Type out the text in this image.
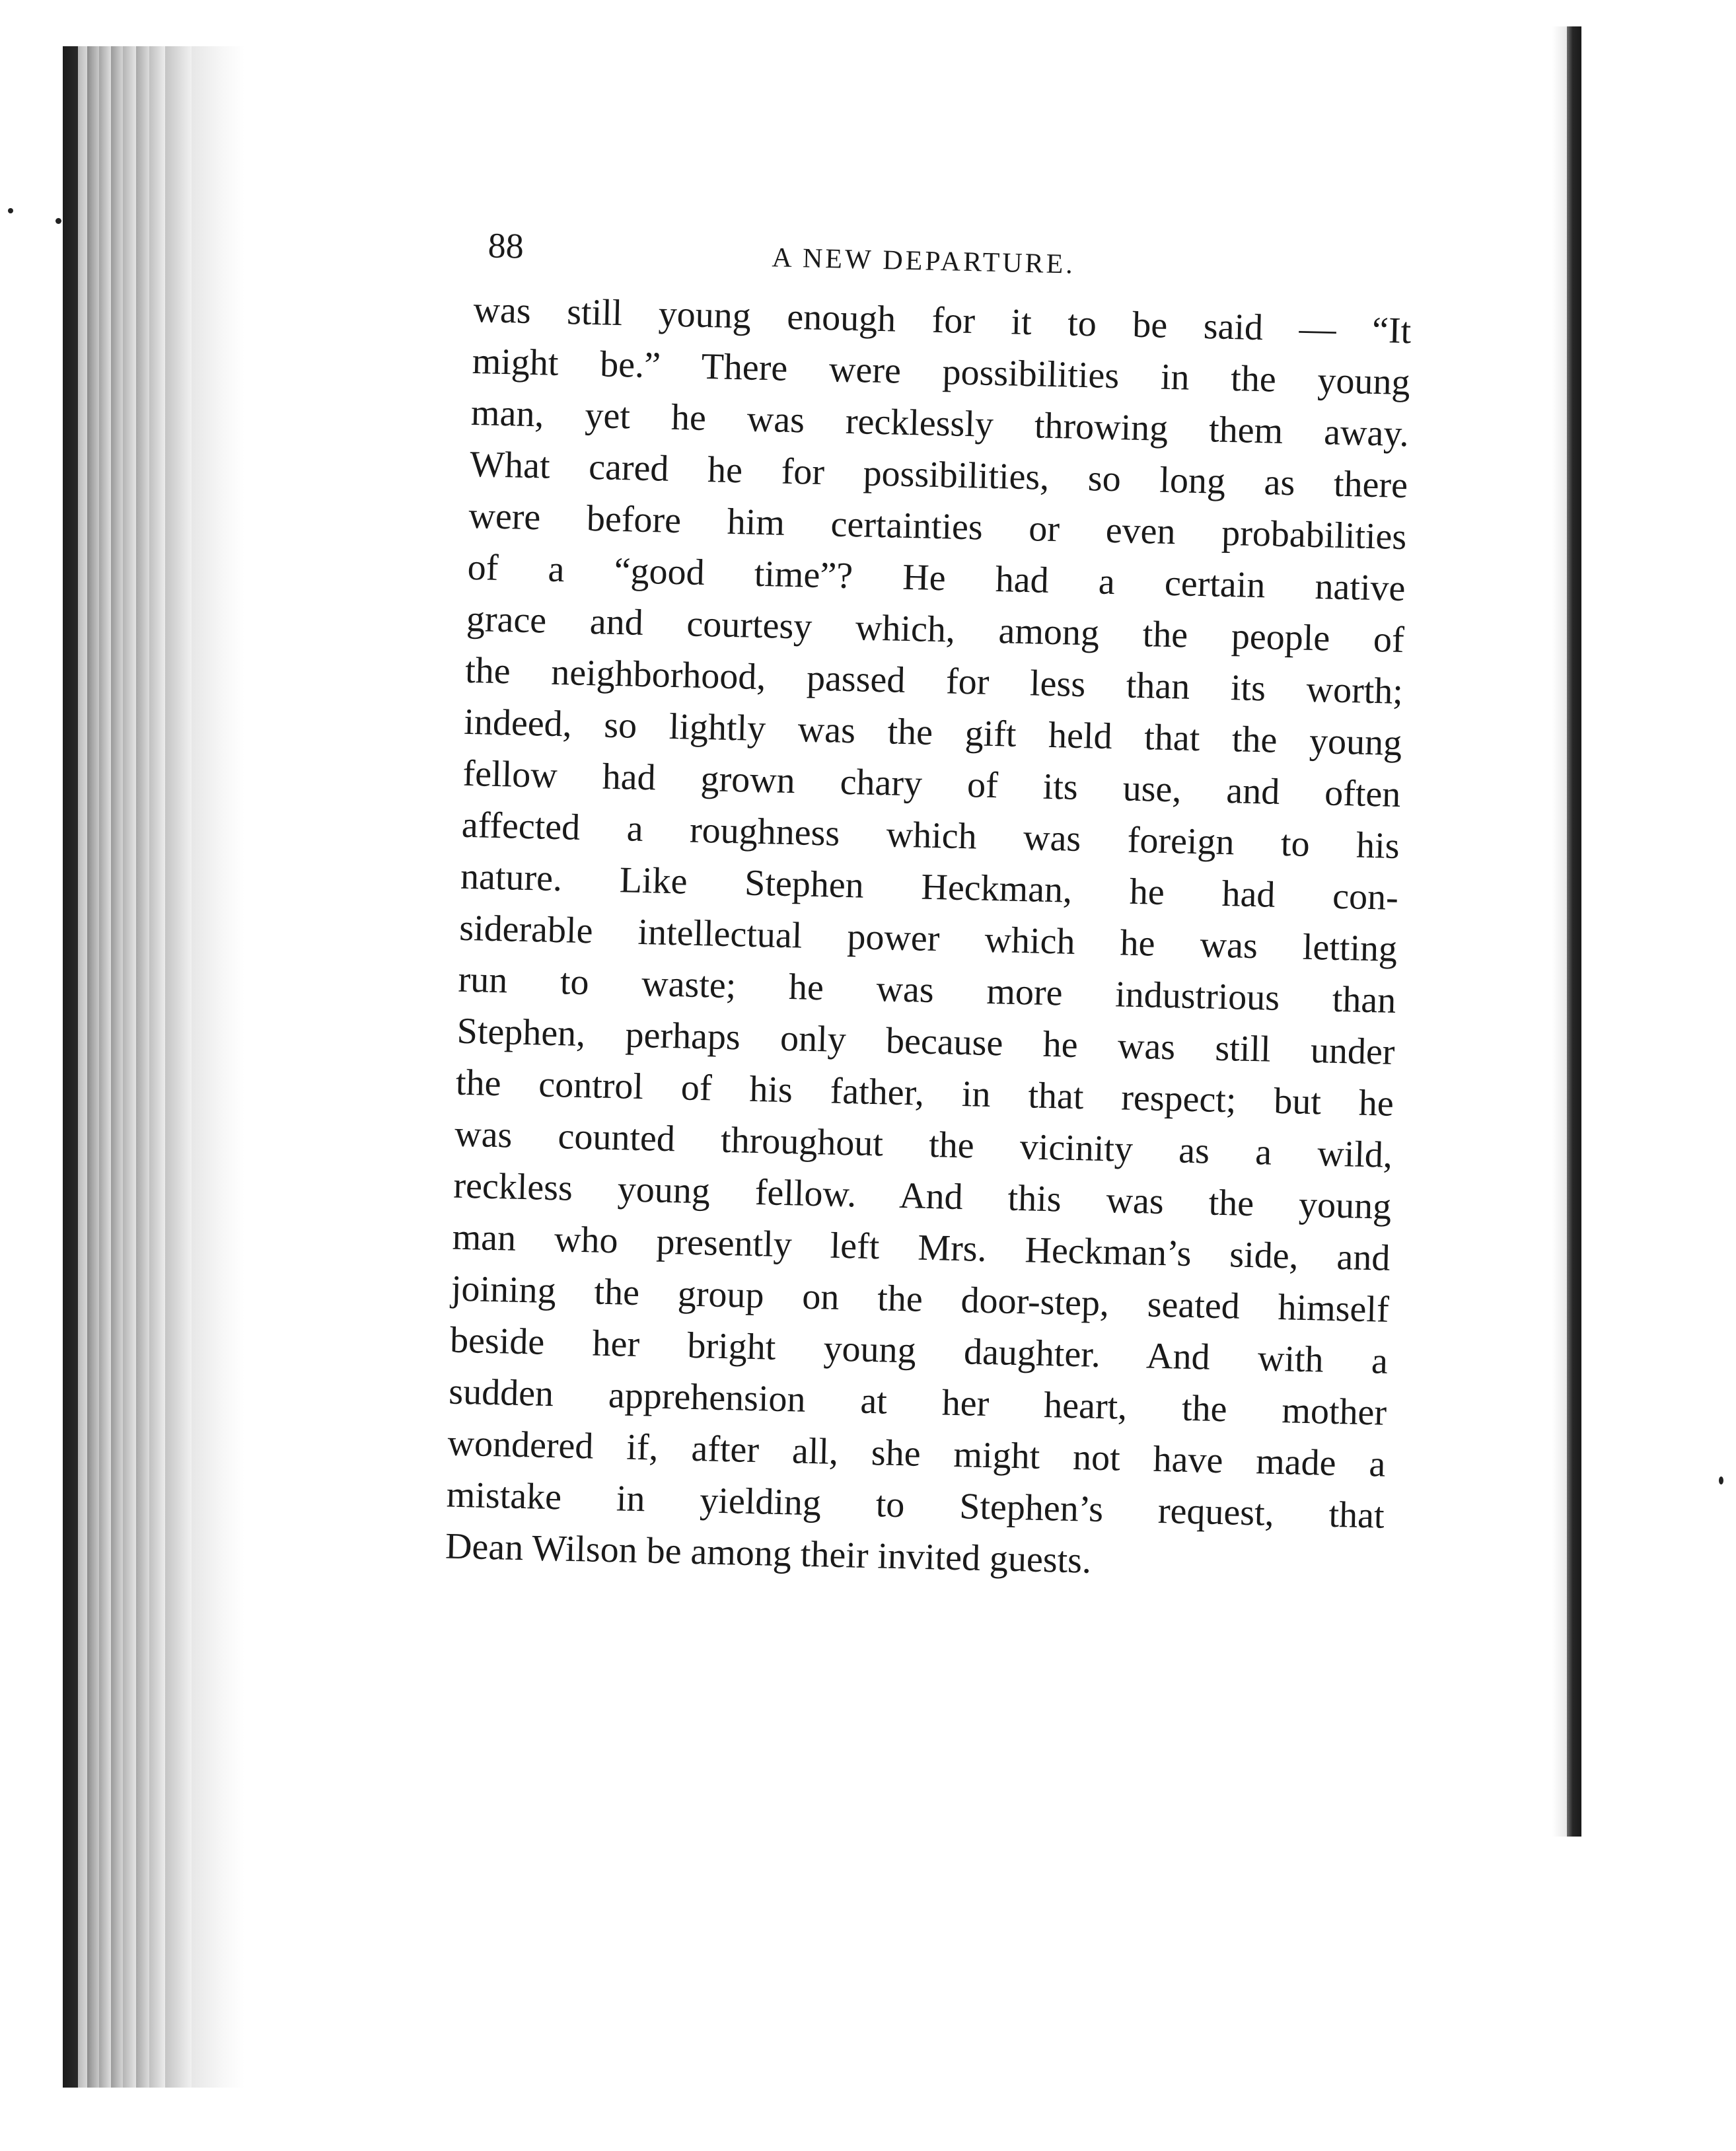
88	A NEW DEPARTURE.
was still young enough for it to be said — “It
might be.” There were possibilities in the young
man, yet he was recklessly throwing them away.
What cared he for possibilities, so long as there
were before him certainties or even probabilities
of a “good time”? He had a certain native
grace and courtesy which, among the people of
the neighborhood, passed for less than its worth;
indeed, so lightly was the gift held that the young
fellow had grown chary of its use, and often
affected a roughness which was foreign to his
nature. Like Stephen Heckman, he had con-
siderable intellectual power which he was letting
run to waste; he was more industrious than
Stephen, perhaps only because he was still under
the control of his father, in that respect; but he
was counted throughout the vicinity as a wild,
reckless young fellow. And this was the young
man who presently left Mrs. Heckman’s side, and
joining the group on the door-step, seated himself
beside her bright young daughter. And with a
sudden apprehension at her heart, the mother
wondered if, after all, she might not have made a
mistake in yielding to Stephen’s request, that
Dean Wilson be among their invited guests.
